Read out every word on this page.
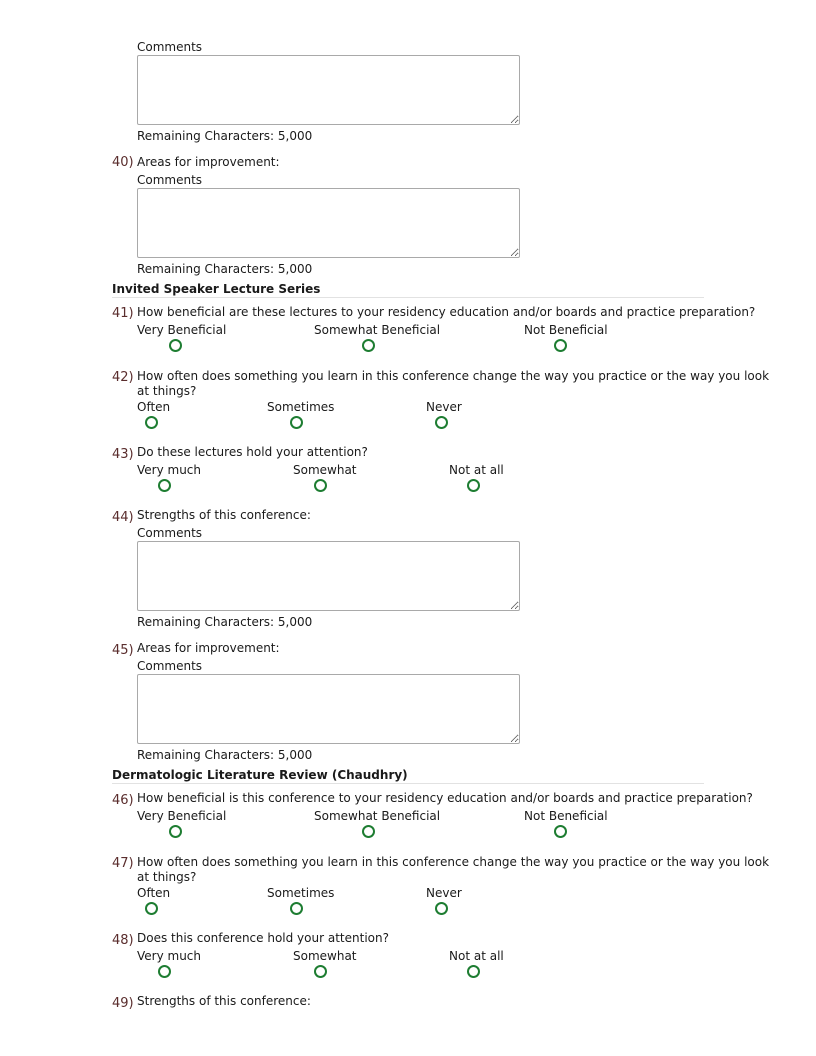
Comments
Remaining Characters: 5,000
40) Areas for improvement:
Comments
Remaining Characters: 5,000
Invited Speaker Lecture Series
41) How beneficial are these lectures to your residency education and/or boards and practice preparation?
Very Beneficial	Somewhat Beneficial	Not Beneficial
42) How often does something you learn in this conference change the way you practice or the way you look
at things?
Often	Sometimes	Never
43) Do these lectures hold your attention?
Very much	Somewhat	Not at all
44) Strengths of this conference:
Comments
Remaining Characters: 5,000
45) Areas for improvement:
Comments
Remaining Characters: 5,000
Dermatologic Literature Review (Chaudhry)
46) How beneficial is this conference to your residency education and/or boards and practice preparation?
Very Beneficial	Somewhat Beneficial	Not Beneficial
47) How often does something you learn in this conference change the way you practice or the way you look
at things?
Often	Sometimes	Never
48) Does this conference hold your attention?
Very much	Somewhat	Not at all
49) Strengths of this conference:
